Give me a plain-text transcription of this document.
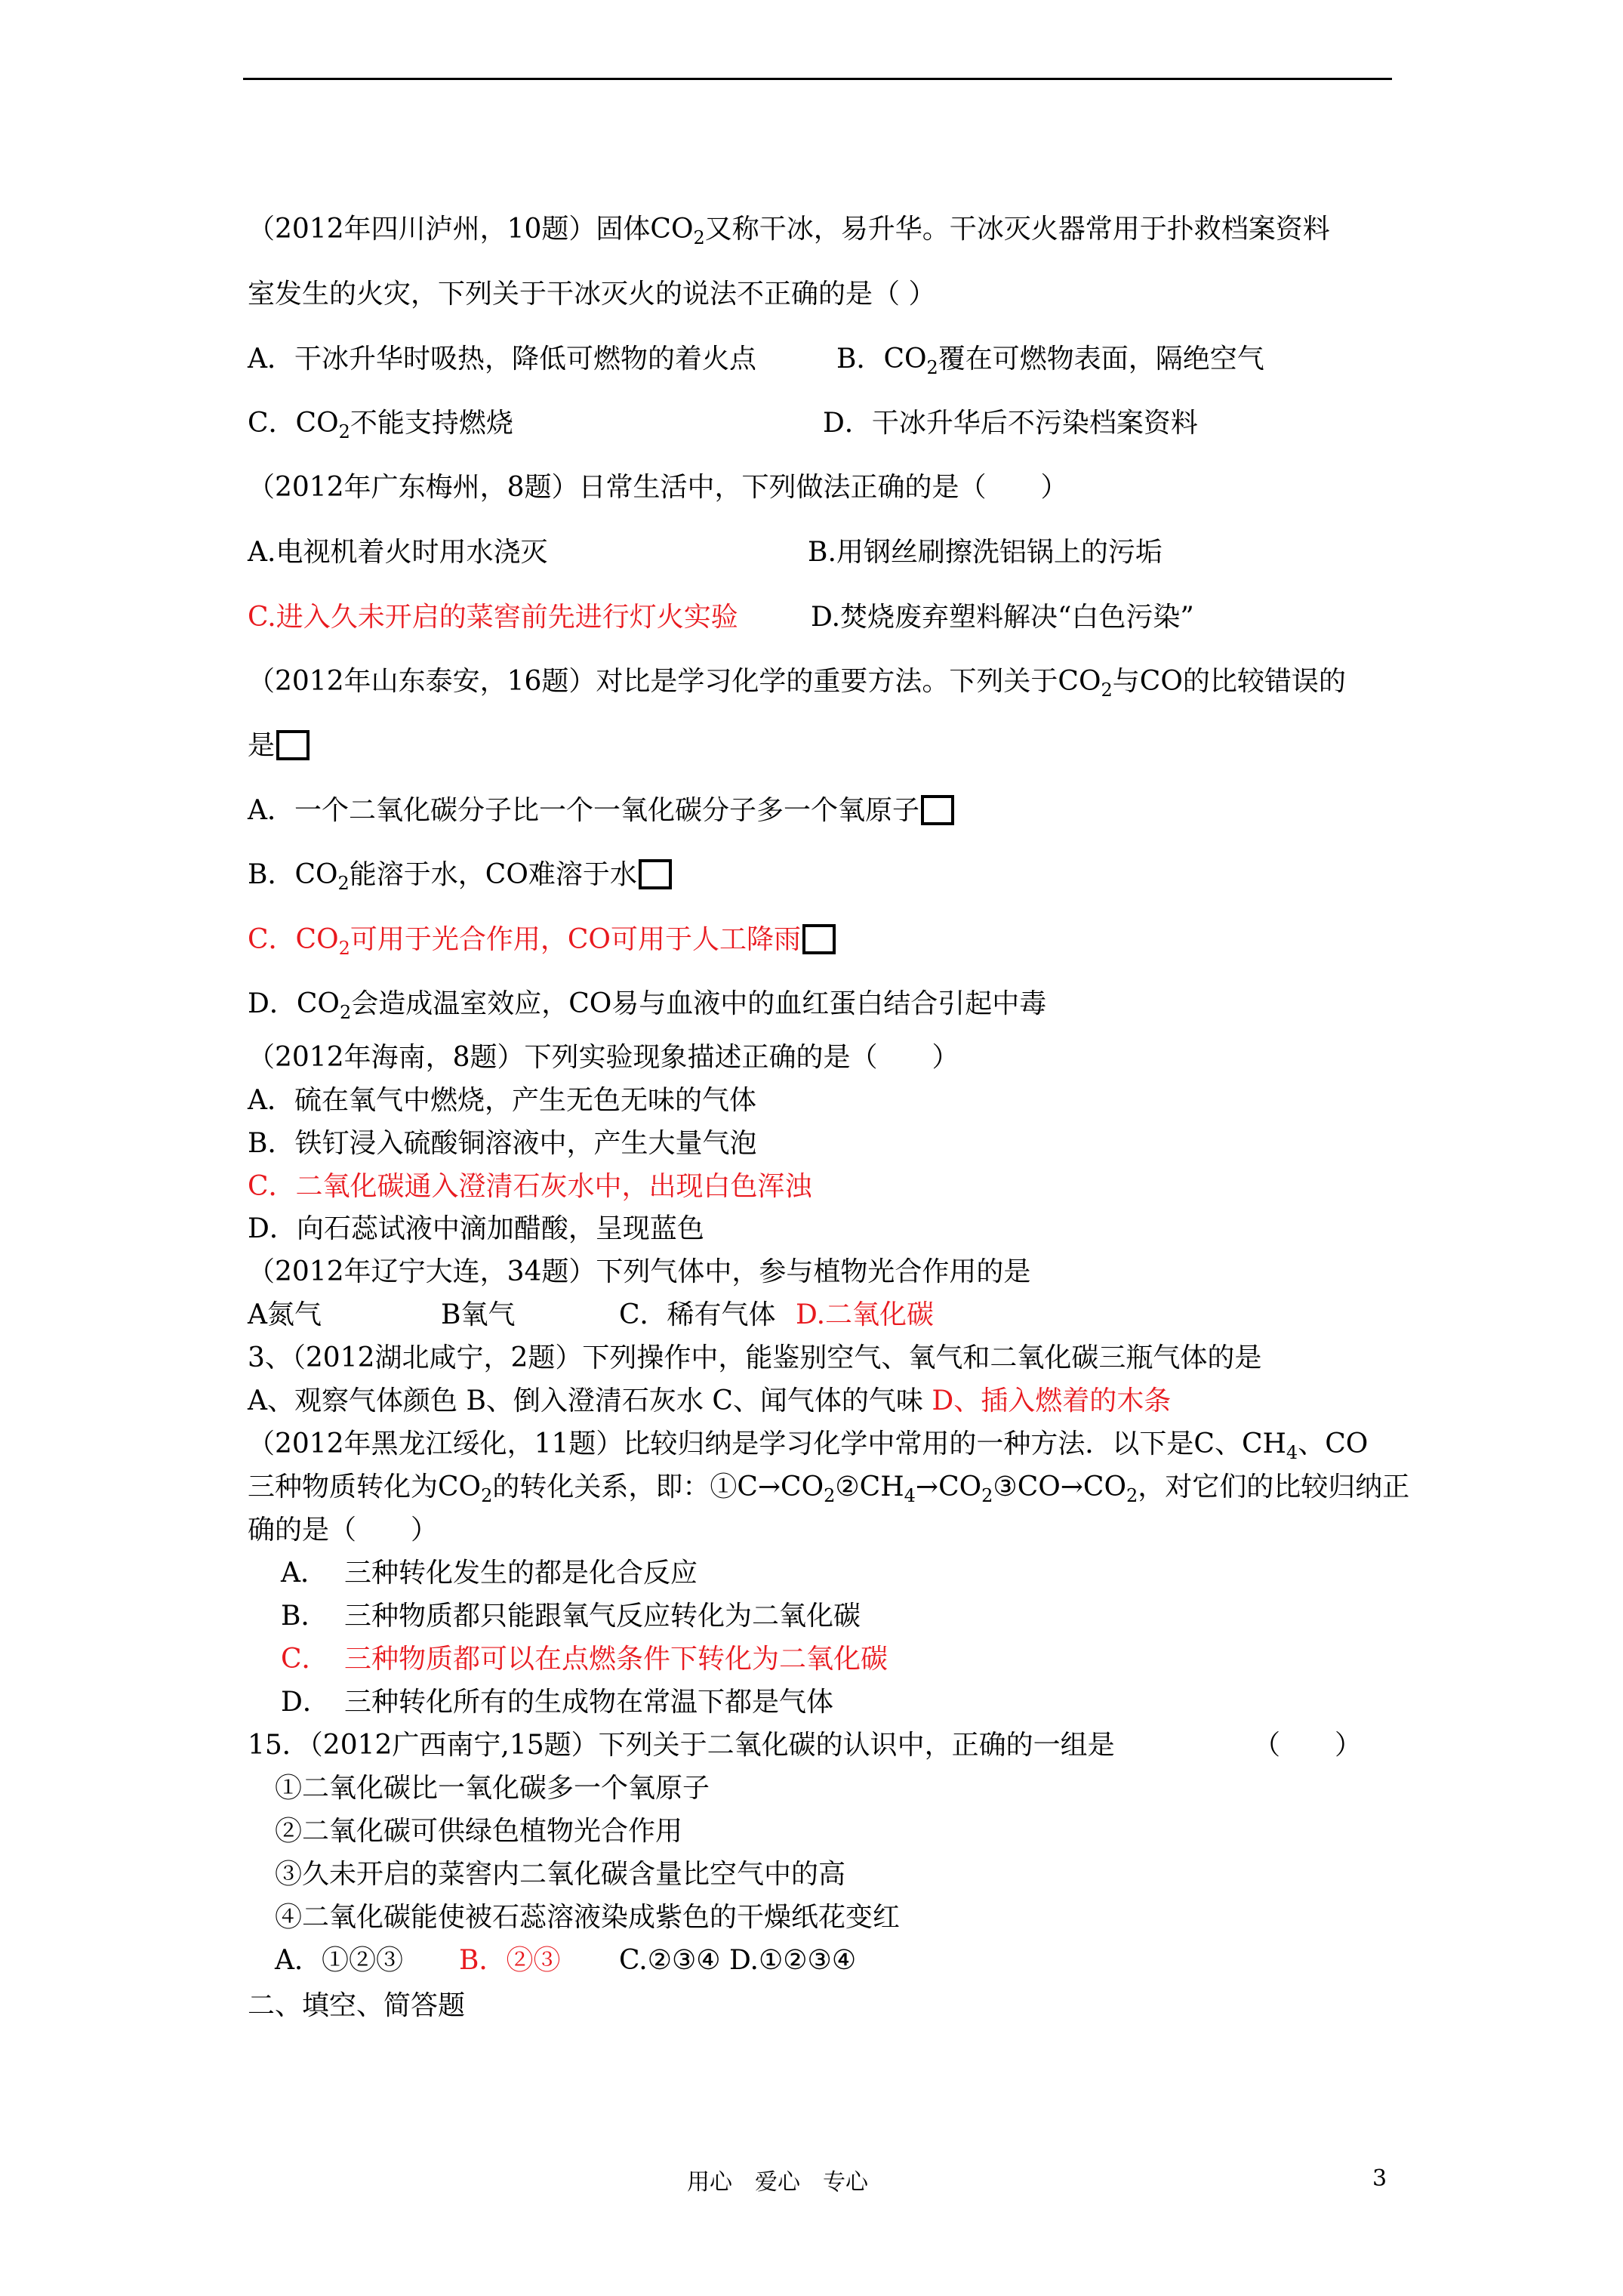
（2012年四川泸州，10题）固体$CO_2$又称干冰，易升华。干冰灭火器常用于扑救档案资料
室发生的火灾，下列关于干冰灭火的说法不正确的是（ ）
A．干冰升华时吸热，降低可燃物的着火点	B．$CO_2$覆在可燃物表面，隔绝空气
C．$CO_2$不能支持燃烧	D．干冰升华后不污染档案资料
（2012年广东梅州，8题）日常生活中，下列做法正确的是（　　）
A.电视机着火时用水浇灭	B.用钢丝刷擦洗铝锅上的污垢
C.进入久未开启的菜窖前先进行灯火实验	D.焚烧废弃塑料解决“白色污染”
（2012年山东泰安，16题）对比是学习化学的重要方法。下列关于$CO_2$与CO的比较错误的
是
A．一个二氧化碳分子比一个一氧化碳分子多一个氧原子
B．$CO_2$能溶于水，CO难溶于水
C．$CO_2$可用于光合作用，CO可用于人工降雨
D．$CO_2$会造成温室效应，CO易与血液中的血红蛋白结合引起中毒
（2012年海南，8题）下列实验现象描述正确的是（　　）
A．硫在氧气中燃烧，产生无色无味的气体
B．铁钉浸入硫酸铜溶液中，产生大量气泡
C．二氧化碳通入澄清石灰水中，出现白色浑浊
D．向石蕊试液中滴加醋酸，呈现蓝色
（2012年辽宁大连，34题）下列气体中，参与植物光合作用的是
A氮气	B氧气	C．稀有气体 D.二氧化碳
3、（2012湖北咸宁，2题）下列操作中，能鉴别空气、氧气和二氧化碳三瓶气体的是
A、观察气体颜色 B、倒入澄清石灰水 C、闻气体的气味 D、插入燃着的木条
（2012年黑龙江绥化，11题）比较归纳是学习化学中常用的一种方法．以下是C、$CH_4$、CO
三种物质转化为$CO_2$的转化关系，即：$①C\to CO_2②CH_4\to CO_2③CO\to CO_2$，对它们的比较归纳正
确的是（　　）
A． 三种转化发生的都是化合反应
B． 三种物质都只能跟氧气反应转化为二氧化碳
C． 三种物质都可以在点燃条件下转化为二氧化碳
D． 三种转化所有的生成物在常温下都是气体
15．（2012广西南宁,15题）下列关于二氧化碳的认识中，正确的一组是	（　　）
①二氧化碳比一氧化碳多一个氧原子
②二氧化碳可供绿色植物光合作用
③久未开启的菜窖内二氧化碳含量比空气中的高
④二氧化碳能使被石蕊溶液染成紫色的干燥纸花变红
A．①②③ B．②③ C.②③④ D.①②③④
二、填空、简答题
用心　爱心　专心	3
